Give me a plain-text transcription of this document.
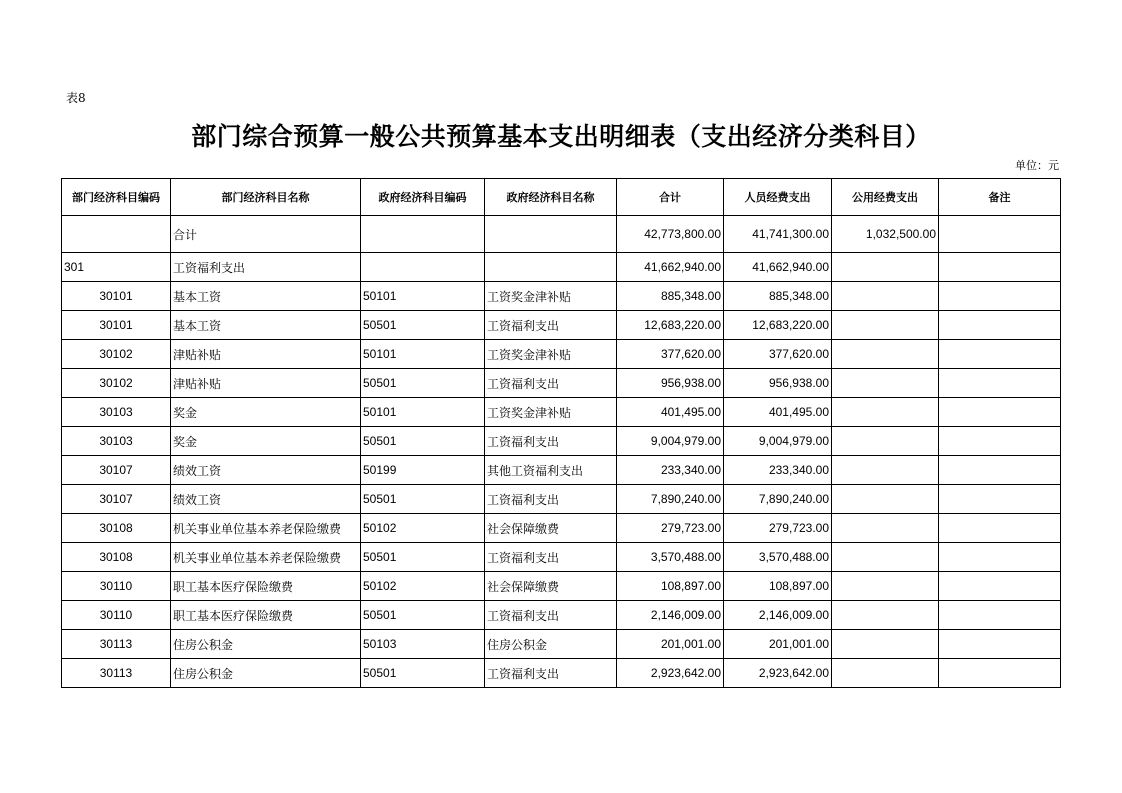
表8
部门综合预算一般公共预算基本支出明细表（支出经济分类科目）
单位：元
部门经济科目编码	部门经济科目名称	政府经济科目编码	政府经济科目名称	合计	人员经费支出	公用经费支出	备注
	合计			42,773,800.00	41,741,300.00	1,032,500.00	
301	工资福利支出			41,662,940.00	41,662,940.00		
30101	基本工资	50101	工资奖金津补贴	885,348.00	885,348.00		
30101	基本工资	50501	工资福利支出	12,683,220.00	12,683,220.00		
30102	津贴补贴	50101	工资奖金津补贴	377,620.00	377,620.00		
30102	津贴补贴	50501	工资福利支出	956,938.00	956,938.00		
30103	奖金	50101	工资奖金津补贴	401,495.00	401,495.00		
30103	奖金	50501	工资福利支出	9,004,979.00	9,004,979.00		
30107	绩效工资	50199	其他工资福利支出	233,340.00	233,340.00		
30107	绩效工资	50501	工资福利支出	7,890,240.00	7,890,240.00		
30108	机关事业单位基本养老保险缴费	50102	社会保障缴费	279,723.00	279,723.00		
30108	机关事业单位基本养老保险缴费	50501	工资福利支出	3,570,488.00	3,570,488.00		
30110	职工基本医疗保险缴费	50102	社会保障缴费	108,897.00	108,897.00		
30110	职工基本医疗保险缴费	50501	工资福利支出	2,146,009.00	2,146,009.00		
30113	住房公积金	50103	住房公积金	201,001.00	201,001.00		
30113	住房公积金	50501	工资福利支出	2,923,642.00	2,923,642.00		
